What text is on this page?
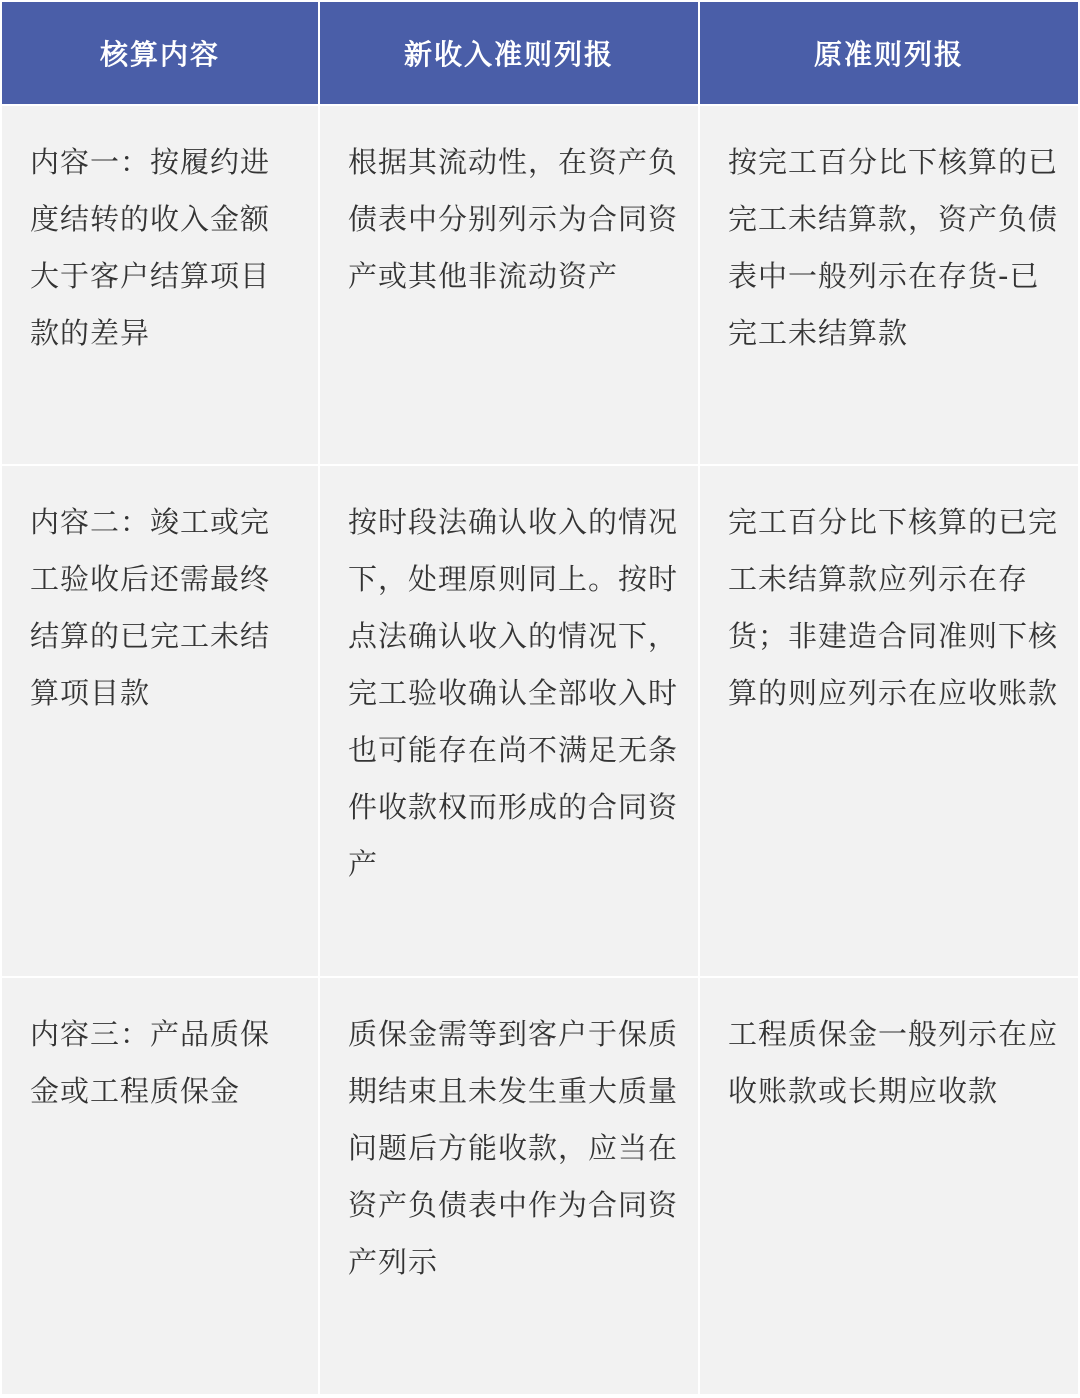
核算内容	新收入准则列报	原准则列报
内容一：按履约进度结转的收入金额大于客户结算项目款的差异
根据其流动性，在资产负债表中分别列示为合同资产或其他非流动资产
按完工百分比下核算的已完工未结算款，资产负债表中一般列示在存货-已完工未结算款
内容二：竣工或完工验收后还需最终结算的已完工未结算项目款
按时段法确认收入的情况下，处理原则同上。按时点法确认收入的情况下，完工验收确认全部收入时也可能存在尚不满足无条件收款权而形成的合同资产
完工百分比下核算的已完工未结算款应列示在存货；非建造合同准则下核算的则应列示在应收账款
内容三：产品质保金或工程质保金
质保金需等到客户于保质期结束且未发生重大质量问题后方能收款，应当在资产负债表中作为合同资产列示
工程质保金一般列示在应收账款或长期应收款
